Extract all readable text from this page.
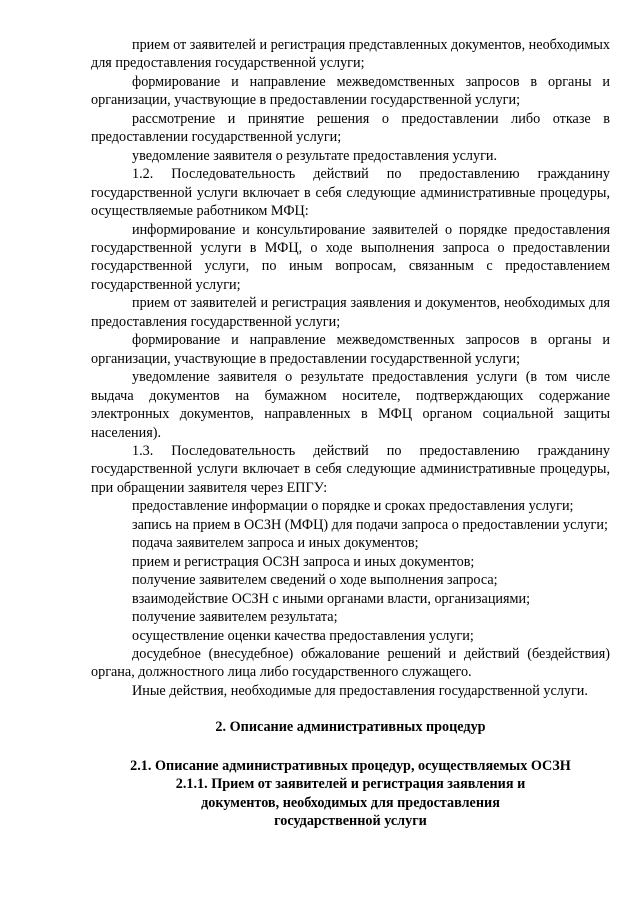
прием от заявителей и регистрация представленных документов, необходимых для предоставления государственной услуги;

формирование и направление межведомственных запросов в органы и организации, участвующие в предоставлении государственной услуги;

рассмотрение и принятие решения о предоставлении либо отказе в предоставлении государственной услуги;

уведомление заявителя о результате предоставления услуги.

1.2. Последовательность действий по предоставлению гражданину государственной услуги включает в себя следующие административные процедуры, осуществляемые работником МФЦ:

информирование и консультирование заявителей о порядке предоставления государственной услуги в МФЦ, о ходе выполнения запроса о предоставлении государственной услуги, по иным вопросам, связанным с предоставлением государственной услуги;

прием от заявителей и регистрация заявления и документов, необходимых для предоставления государственной услуги;

формирование и направление межведомственных запросов в органы и организации, участвующие в предоставлении государственной услуги;

уведомление заявителя о результате предоставления услуги (в том числе выдача документов на бумажном носителе, подтверждающих содержание электронных документов, направленных в МФЦ органом социальной защиты населения).

1.3. Последовательность действий по предоставлению гражданину государственной услуги включает в себя следующие административные процедуры, при обращении заявителя через ЕПГУ:

предоставление информации о порядке и сроках предоставления услуги;

запись на прием в ОСЗН (МФЦ) для подачи запроса о предоставлении услуги;

подача заявителем запроса и иных документов;

прием и регистрация ОСЗН запроса и иных документов;

получение заявителем сведений о ходе выполнения запроса;

взаимодействие ОСЗН с иными органами власти, организациями;

получение заявителем результата;

осуществление оценки качества предоставления услуги;

досудебное (внесудебное) обжалование решений и действий (бездействия) органа, должностного лица либо государственного служащего.

Иные действия, необходимые для предоставления государственной услуги.

2. Описание административных процедур

2.1. Описание административных процедур, осуществляемых ОСЗН
2.1.1. Прием от заявителей и регистрация заявления и
документов, необходимых для предоставления
государственной услуги
